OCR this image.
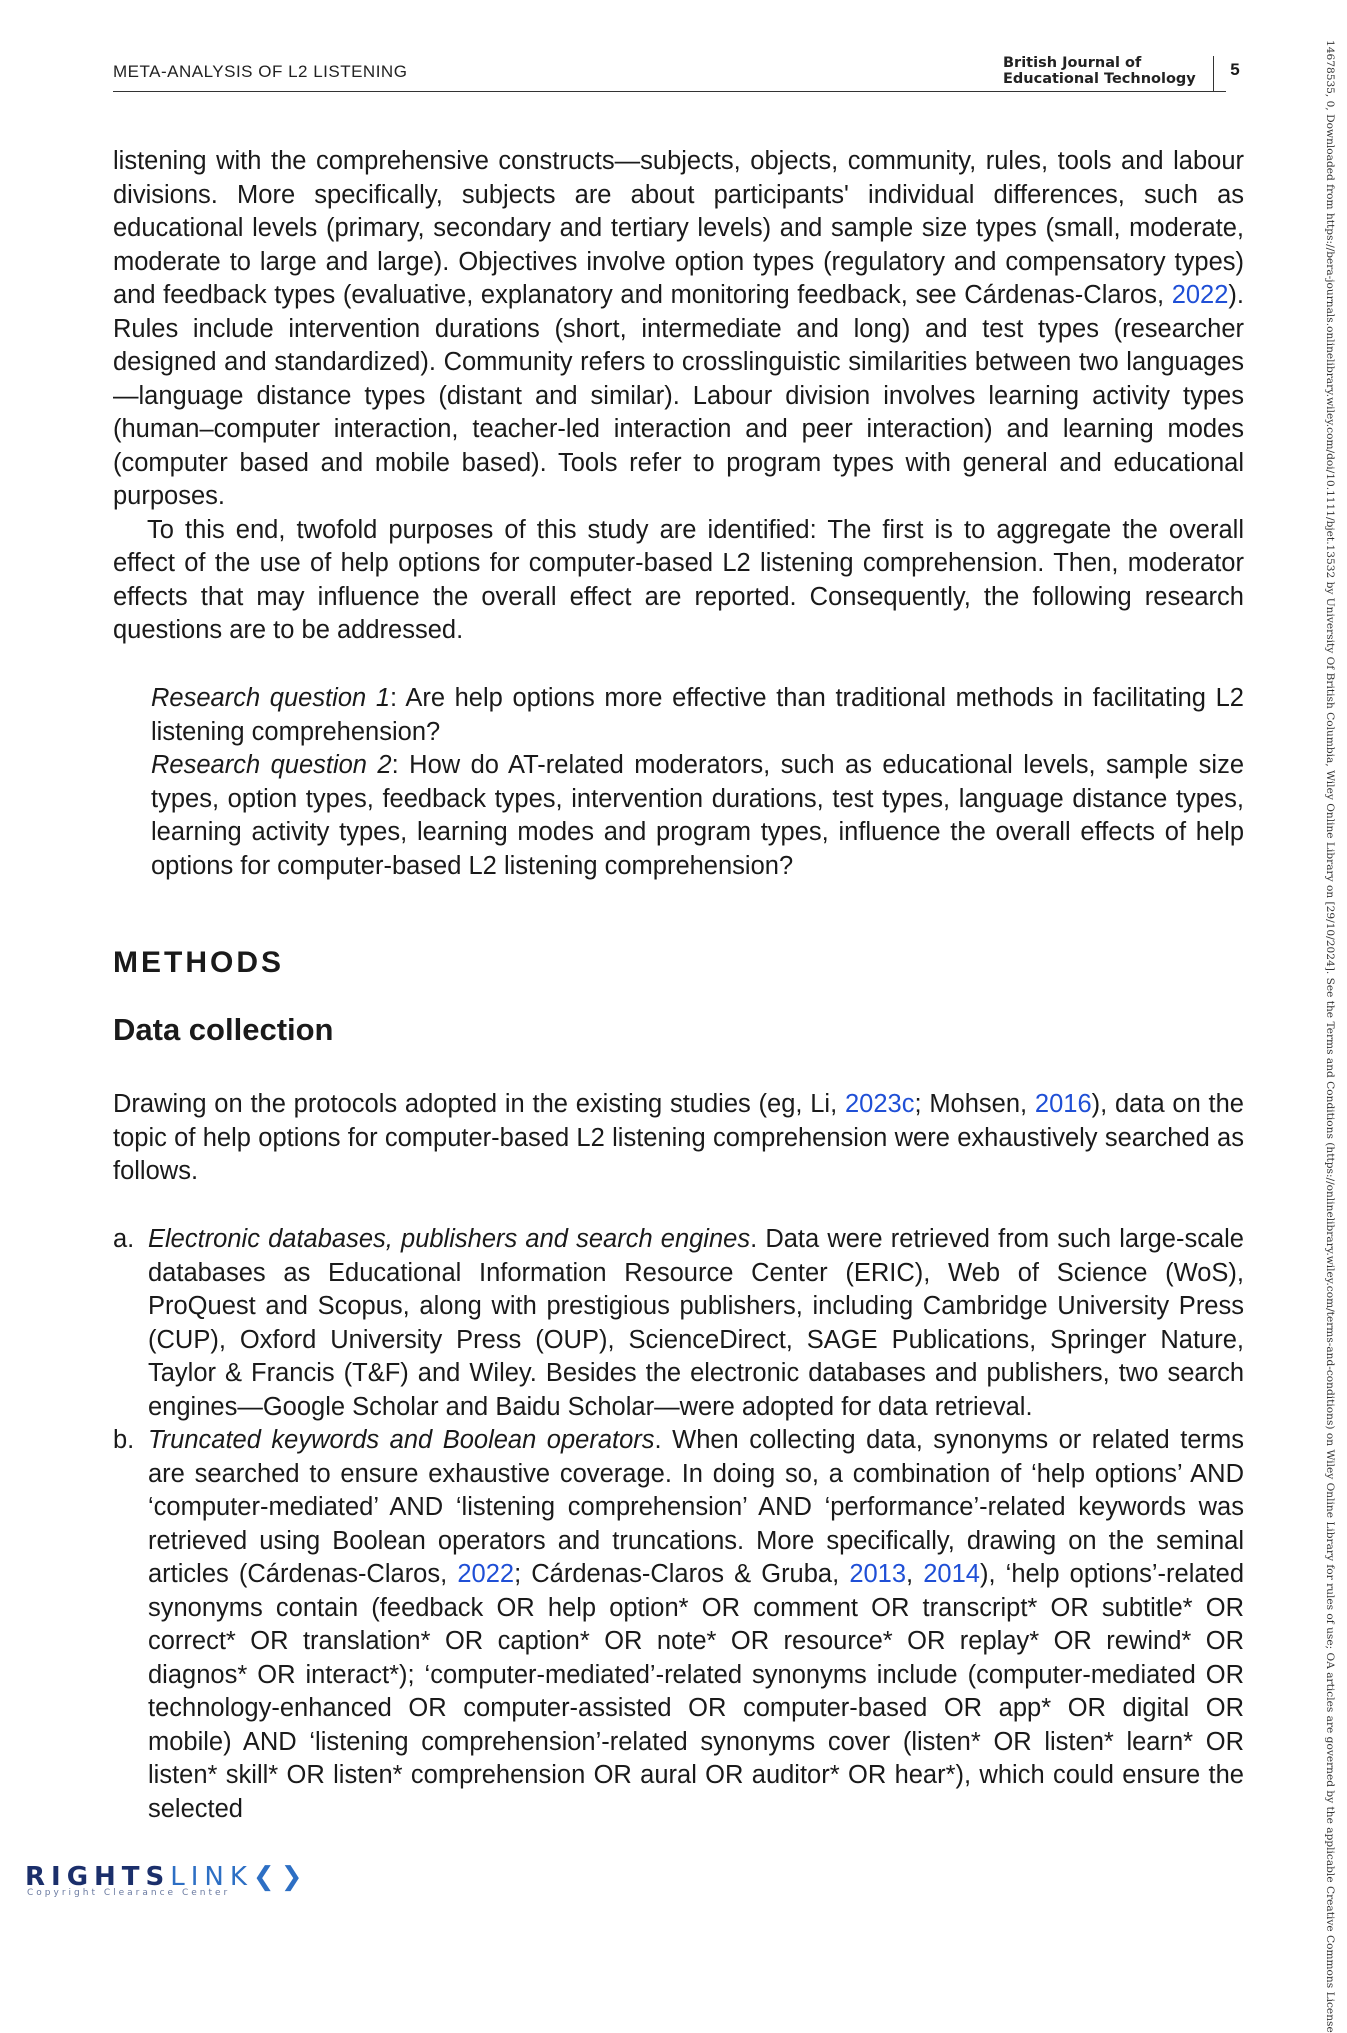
META-ANALYSIS OF L2 LISTENING	British Journal of
Educational Technology	5

listening with the comprehensive constructs—subjects, objects, community, rules, tools and labour divisions. More specifically, subjects are about participants' individual differences, such as educational levels (primary, secondary and tertiary levels) and sample size types (small, moderate, moderate to large and large). Objectives involve option types (regulatory and compensatory types) and feedback types (evaluative, explanatory and monitoring feedback, see Cárdenas-Claros, 2022). Rules include intervention durations (short, intermediate and long) and test types (researcher designed and standardized). Community refers to crosslinguistic similarities between two languages—language distance types (distant and similar). Labour division involves learning activity types (human–computer interaction, teacher-led interaction and peer interaction) and learning modes (computer based and mobile based). Tools refer to program types with general and educational purposes.

To this end, twofold purposes of this study are identified: The first is to aggregate the overall effect of the use of help options for computer-based L2 listening comprehension. Then, moderator effects that may influence the overall effect are reported. Consequently, the following research questions are to be addressed.

Research question 1: Are help options more effective than traditional methods in facilitating L2 listening comprehension?

Research question 2: How do AT-related moderators, such as educational levels, sample size types, option types, feedback types, intervention durations, test types, language distance types, learning activity types, learning modes and program types, influence the overall effects of help options for computer-based L2 listening comprehension?

METHODS
Data collection

Drawing on the protocols adopted in the existing studies (eg, Li, 2023c; Mohsen, 2016), data on the topic of help options for computer-based L2 listening comprehension were exhaustively searched as follows.

a. Electronic databases, publishers and search engines. Data were retrieved from such large-scale databases as Educational Information Resource Center (ERIC), Web of Science (WoS), ProQuest and Scopus, along with prestigious publishers, including Cambridge University Press (CUP), Oxford University Press (OUP), ScienceDirect, SAGE Publications, Springer Nature, Taylor & Francis (T&F) and Wiley. Besides the electronic databases and publishers, two search engines—Google Scholar and Baidu Scholar—were adopted for data retrieval.

b. Truncated keywords and Boolean operators. When collecting data, synonyms or related terms are searched to ensure exhaustive coverage. In doing so, a combination of ‘help options’ AND ‘computer-mediated’ AND ‘listening comprehension’ AND ‘performance’-related keywords was retrieved using Boolean operators and truncations. More specifically, drawing on the seminal articles (Cárdenas-Claros, 2022; Cárdenas-Claros & Gruba, 2013, 2014), ‘help options’-related synonyms contain (feedback OR help option* OR comment OR transcript* OR subtitle* OR correct* OR translation* OR caption* OR note* OR resource* OR replay* OR rewind* OR diagnos* OR interact*); ‘computer-mediated’-related synonyms include (computer-mediated OR technology-enhanced OR computer-assisted OR computer-based OR app* OR digital OR mobile) AND ‘listening comprehension’-related synonyms cover (listen* OR listen* learn* OR listen* skill* OR listen* comprehension OR aural OR auditor* OR hear*), which could ensure the selected	14678535, 0, Downloaded from https://bera-journals.onlinelibrary.wiley.com/doi/10.1111/bjet.13532 by University Of British Columbia, Wiley Online Library on [29/10/2024]. See the Terms and Conditions (https://onlinelibrary.wiley.com/terms-and-conditions) on Wiley Online Library for rules of use; OA articles are governed by the applicable Creative Commons License
RIGHTSLINK❮❯
Copyright Clearance Center
